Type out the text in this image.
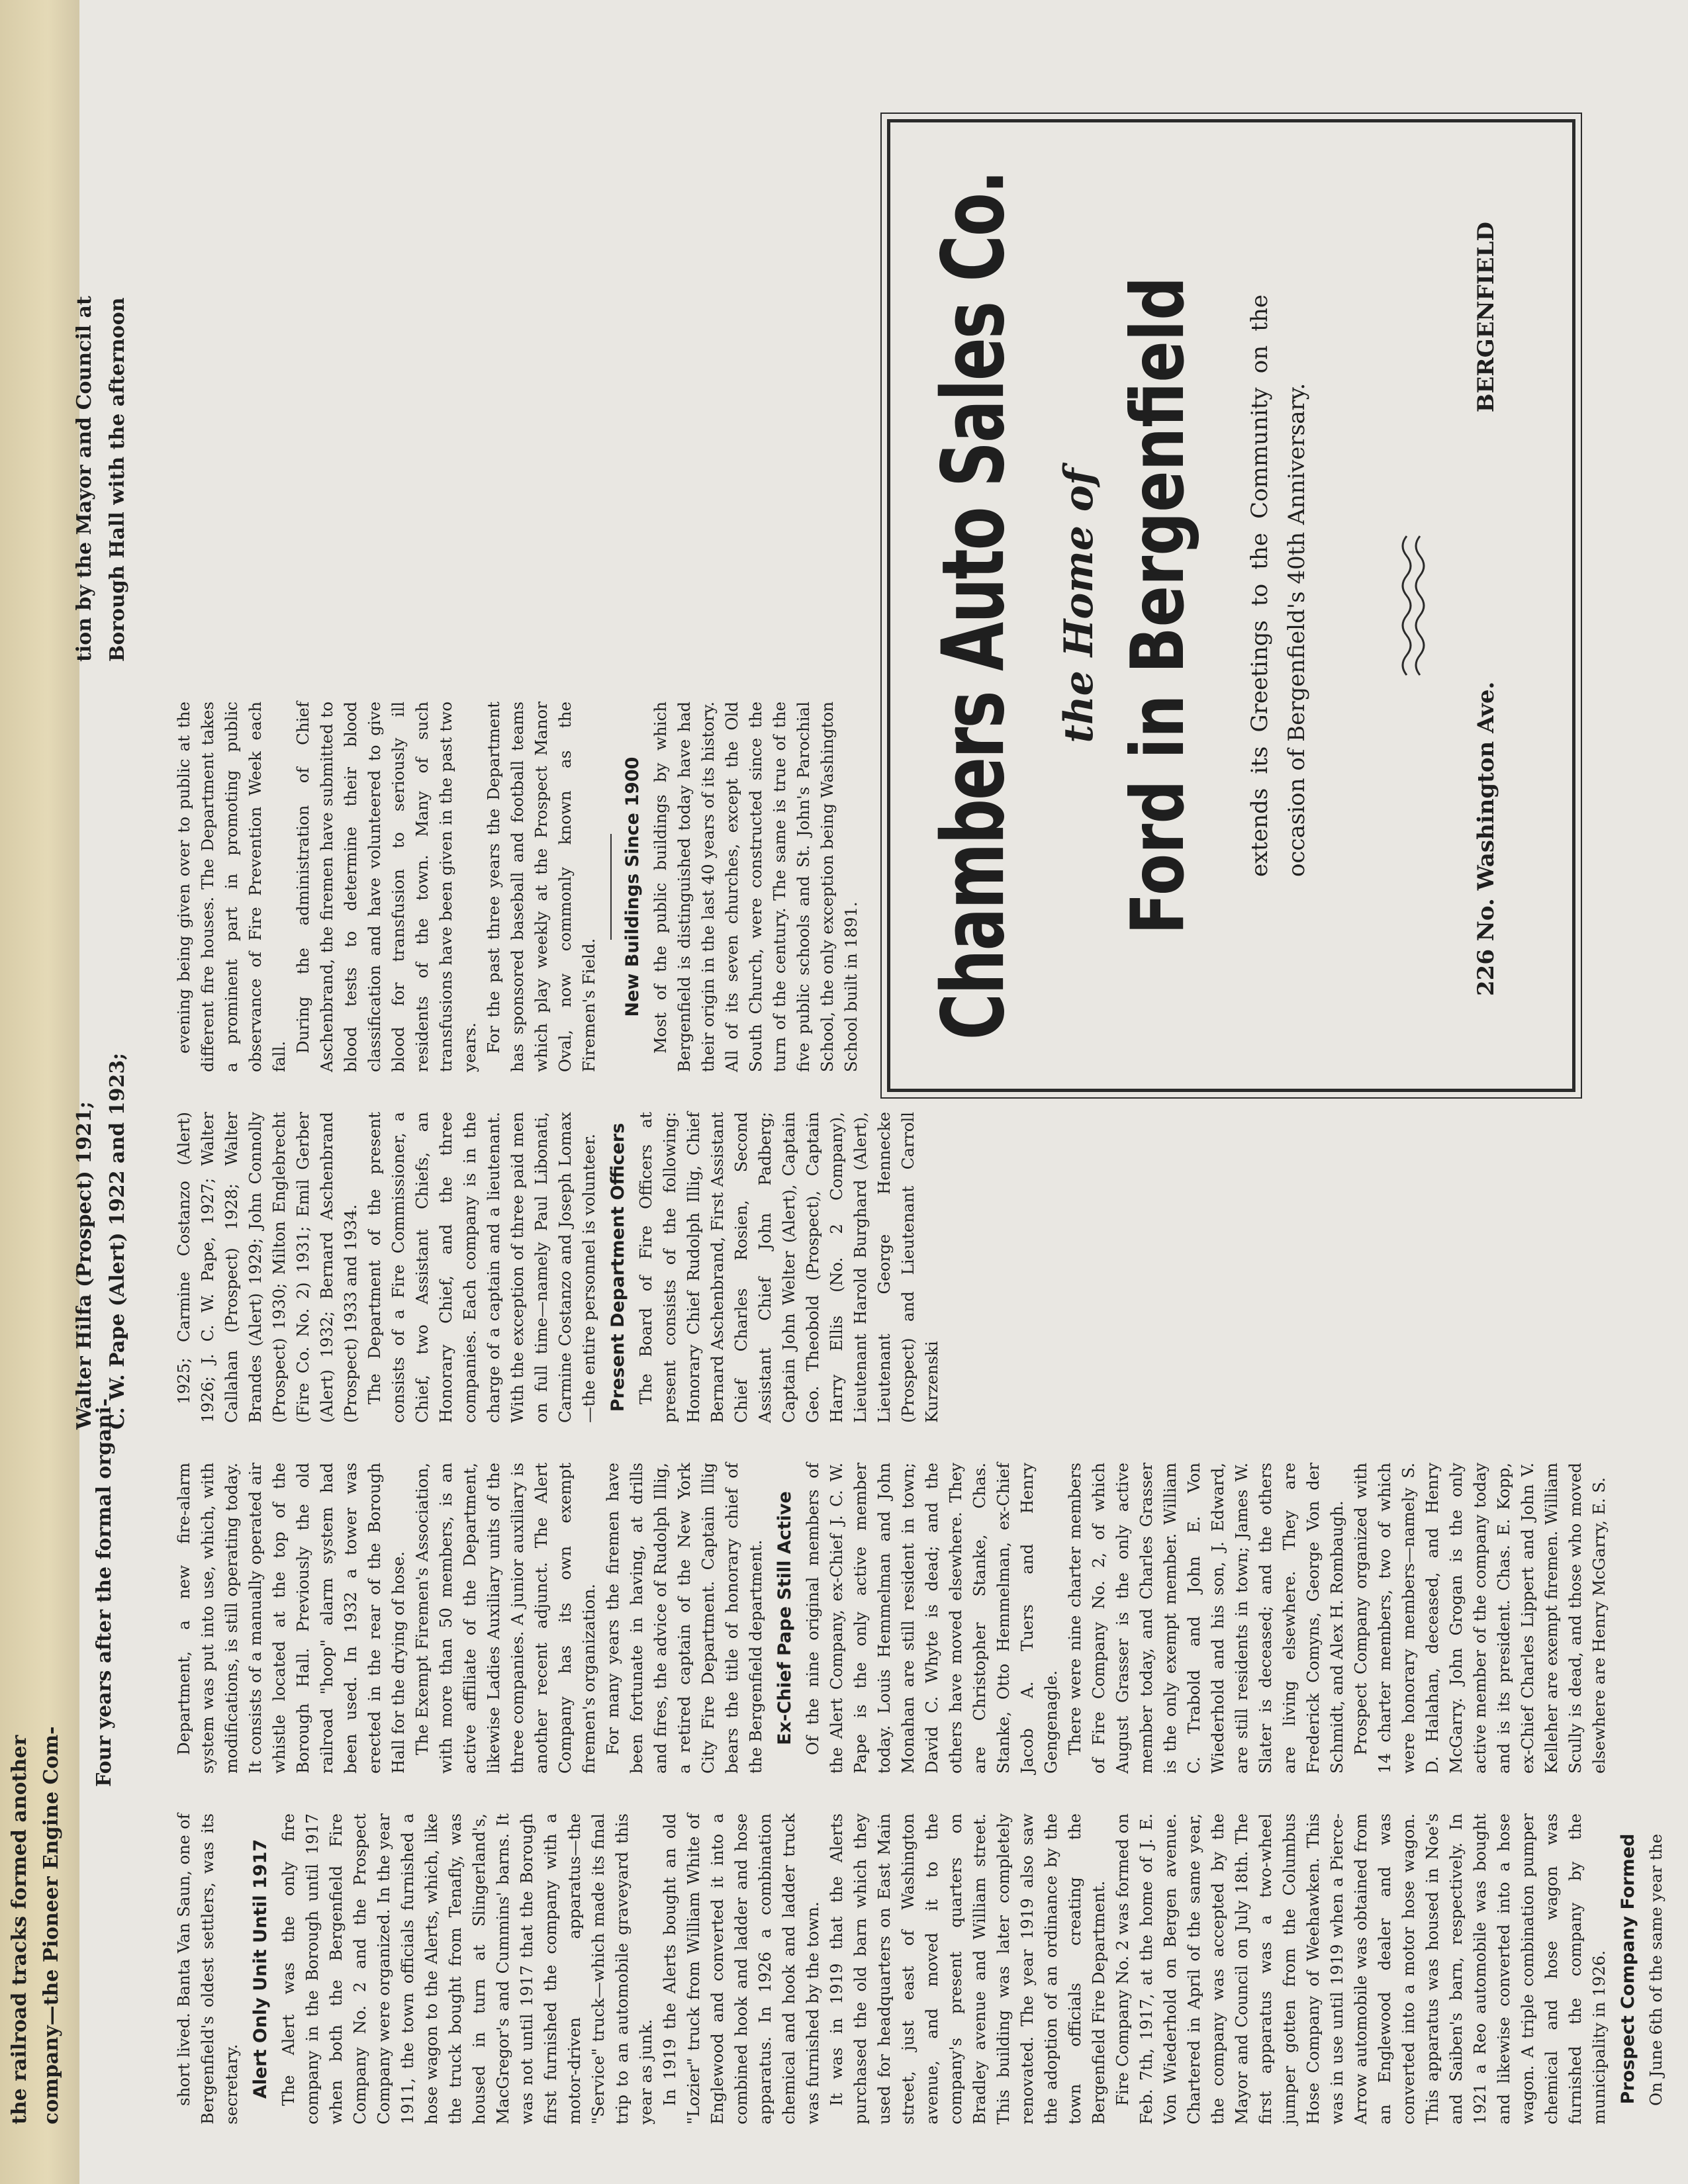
the railroad tracks formed another company—the Pioneer Engine Com-
Four years after the formal organi-
Walter Hilfa (Prospect) 1921; C. W. Pape (Alert) 1922 and 1923;
tion by the Mayor and Council at Borough Hall with the afternoon

short lived. Banta Van Saun, one of Bergenfield's oldest settlers, was its secretary. Alert Only Unit Until 1917 The Alert was the only fire company in the Borough until 1917 when both the Bergenfield Fire Company No. 2 and the Prospect Company were organized. In the year 1911, the town officials furnished a hose wagon to the Alerts, which, like the truck bought from Tenafly, was housed in turn at Slingerland's, MacGregor's and Cummins' barns. It was not until 1917 that the Borough first furnished the company with a motor-driven apparatus—the "Service" truck—which made its final trip to an automobile graveyard this year as junk. In 1919 the Alerts bought an old "Lozier" truck from William White of Englewood and converted it into a combined hook and ladder and hose apparatus. In 1926 a combination chemical and hook and ladder truck was furnished by the town. It was in 1919 that the Alerts purchased the old barn which they used for headquarters on East Main street, just east of Washington avenue, and moved it to the company's present quarters on Bradley avenue and William street. This building was later completely renovated. The year 1919 also saw the adoption of an ordinance by the town officials creating the Bergenfield Fire Department. Fire Company No. 2 was formed on Feb. 7th, 1917, at the home of J. E. Von Wiederhold on Bergen avenue. Chartered in April of the same year, the company was accepted by the Mayor and Council on July 18th. The first apparatus was a two-wheel jumper gotten from the Columbus Hose Company of Weehawken. This was in use until 1919 when a Pierce-Arrow automobile was obtained from an Englewood dealer and was converted into a motor hose wagon. This apparatus was housed in Noe's and Saiben's barn, respectively. In 1921 a Reo automobile was bought and likewise converted into a hose wagon. A triple combination pumper chemical and hose wagon was furnished the company by the municipality in 1926. Prospect Company Formed On June 6th of the same year the

Department, a new fire-alarm system was put into use, which, with modifications, is still operating today. It consists of a manually operated air whistle located at the top of the Borough Hall. Previously the old railroad "hoop" alarm system had been used. In 1932 a tower was erected in the rear of the Borough Hall for the drying of hose. The Exempt Firemen's Association, with more than 50 members, is an active affiliate of the Department, likewise Ladies Auxiliary units of the three companies. A junior auxiliary is another recent adjunct. The Alert Company has its own exempt firemen's organization. For many years the firemen have been fortunate in having, at drills and fires, the advice of Rudolph Illig, a retired captain of the New York City Fire Department. Captain Illig bears the title of honorary chief of the Bergenfield department. Ex-Chief Pape Still Active Of the nine original members of the Alert Company, ex-Chief J. C. W. Pape is the only active member today. Louis Hemmelman and John Monahan are still resident in town; David C. Whyte is dead; and the others have moved elsewhere. They are Christopher Stanke, Chas. Stanke, Otto Hemmelman, ex-Chief Jacob A. Tuers and Henry Gengenagle. There were nine charter members of Fire Company No. 2, of which August Grasser is the only active member today, and Charles Grasser is the only exempt member. William C. Trabold and John E. Von Wiederhold and his son, J. Edward, are still residents in town; James W. Slater is deceased; and the others are living elsewhere. They are Frederick Comyns, George Von der Schmidt, and Alex H. Rombaugh. Prospect Company organized with 14 charter members, two of which were honorary members—namely S. D. Halahan, deceased, and Henry McGarry. John Grogan is the only active member of the company today and is its president. Chas. E. Kopp, ex-Chief Charles Lippert and John V. Kelleher are exempt firemen. William Scully is dead, and those who moved elsewhere are Henry McGarry, E. S.

1925; Carmine Costanzo (Alert) 1926; J. C. W. Pape, 1927; Walter Callahan (Prospect) 1928; Walter Brandes (Alert) 1929; John Connolly (Prospect) 1930; Milton Englebrecht (Fire Co. No. 2) 1931; Emil Gerber (Alert) 1932; Bernard Aschenbrand (Prospect) 1933 and 1934. The Department of the present consists of a Fire Commissioner, a Chief, two Assistant Chiefs, an Honorary Chief, and the three companies. Each company is in the charge of a captain and a lieutenant. With the exception of three paid men on full time—namely Paul Libonati, Carmine Costanzo and Joseph Lomax—the entire personnel is volunteer. Present Department Officers The Board of Fire Officers at present consists of the following: Honorary Chief Rudolph Illig, Chief Bernard Aschenbrand, First Assistant Chief Charles Rosien, Second Assistant Chief John Padberg; Captain John Welter (Alert), Captain Geo. Theobold (Prospect), Captain Harry Ellis (No. 2 Company), Lieutenant Harold Burghard (Alert), Lieutenant George Hennecke (Prospect) and Lieutenant Carroll Kurzenski

evening being given over to public at the different fire houses. The Department takes a prominent part in promoting public observance of Fire Prevention Week each fall.

During the administration of Chief Aschenbrand, the firemen have submitted to blood tests to determine their blood classification and have volunteered to give blood for transfusion to seriously ill residents of the town. Many of such transfusions have been given in the past two years. For the past three years the Department has sponsored baseball and football teams which play weekly at the Prospect Manor Oval, now commonly known as the Firemen's Field. New Buildings Since 1900 Most of the public buildings by which Bergenfield is distinguished today have had their origin in the last 40 years of its history. All of its seven churches, except the Old South Church, were constructed since the turn of the century. The same is true of the five public schools and St. John's Parochial School, the only exception being Washington School built in 1891. Chambers Auto Sales Co. the Home of Ford in Bergenfield extends its Greetings to the Community on the occasion of Bergenfield's 40th Anniversary.	226 No. Washington Ave.
BERGENFIELD
